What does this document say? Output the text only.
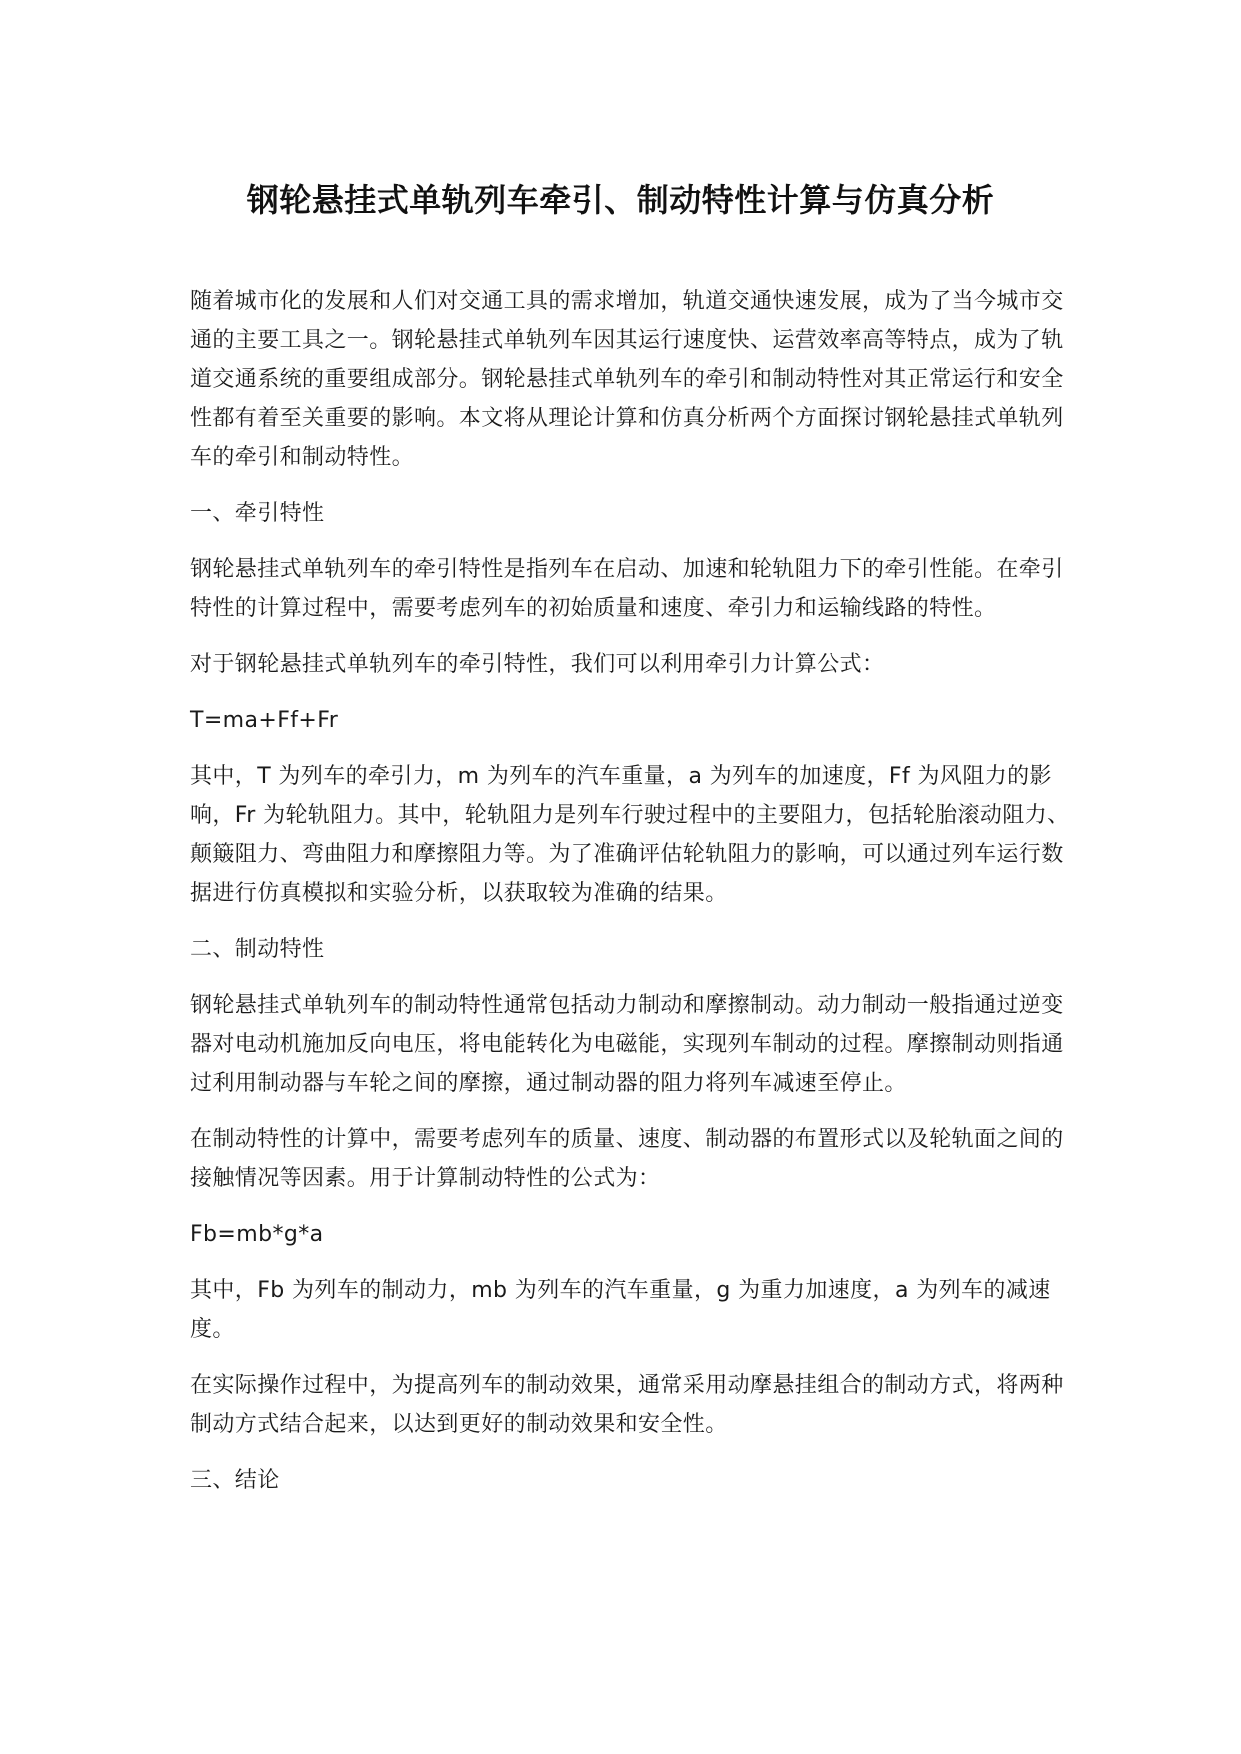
钢轮悬挂式单轨列车牵引、制动特性计算与仿真分析

随着城市化的发展和人们对交通工具的需求增加，轨道交通快速发展，成为了当今城市交通的主要工具之一。钢轮悬挂式单轨列车因其运行速度快、运营效率高等特点，成为了轨道交通系统的重要组成部分。钢轮悬挂式单轨列车的牵引和制动特性对其正常运行和安全性都有着至关重要的影响。本文将从理论计算和仿真分析两个方面探讨钢轮悬挂式单轨列车的牵引和制动特性。

一、牵引特性

钢轮悬挂式单轨列车的牵引特性是指列车在启动、加速和轮轨阻力下的牵引性能。在牵引特性的计算过程中，需要考虑列车的初始质量和速度、牵引力和运输线路的特性。

对于钢轮悬挂式单轨列车的牵引特性，我们可以利用牵引力计算公式：

T=ma+Ff+Fr

其中，T 为列车的牵引力，m 为列车的汽车重量，a 为列车的加速度，Ff 为风阻力的影响，Fr 为轮轨阻力。其中，轮轨阻力是列车行驶过程中的主要阻力，包括轮胎滚动阻力、颠簸阻力、弯曲阻力和摩擦阻力等。为了准确评估轮轨阻力的影响，可以通过列车运行数据进行仿真模拟和实验分析，以获取较为准确的结果。

二、制动特性

钢轮悬挂式单轨列车的制动特性通常包括动力制动和摩擦制动。动力制动一般指通过逆变器对电动机施加反向电压，将电能转化为电磁能，实现列车制动的过程。摩擦制动则指通过利用制动器与车轮之间的摩擦，通过制动器的阻力将列车减速至停止。

在制动特性的计算中，需要考虑列车的质量、速度、制动器的布置形式以及轮轨面之间的接触情况等因素。用于计算制动特性的公式为：

Fb=mb*g*a

其中，Fb 为列车的制动力，mb 为列车的汽车重量，g 为重力加速度，a 为列车的减速度。

在实际操作过程中，为提高列车的制动效果，通常采用动摩悬挂组合的制动方式，将两种制动方式结合起来，以达到更好的制动效果和安全性。

三、结论
